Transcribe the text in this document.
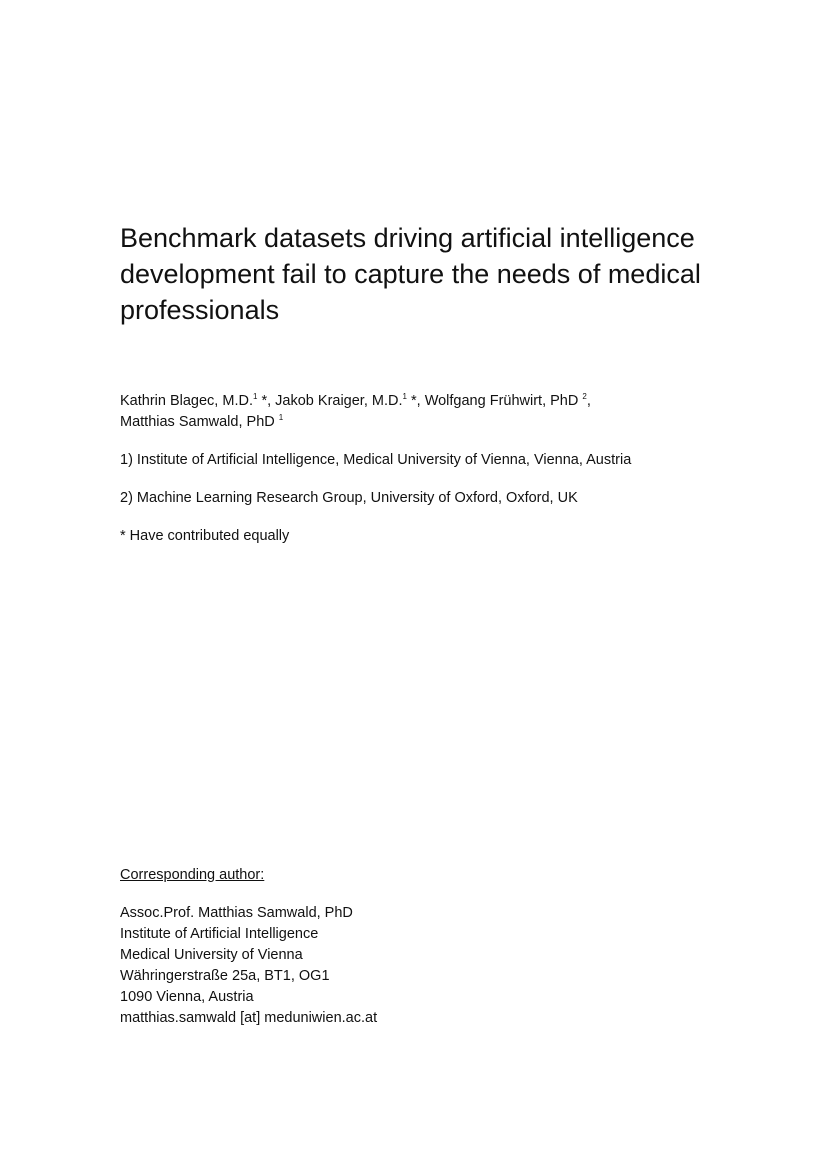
Benchmark datasets driving artificial intelligence
development fail to capture the needs of medical
professionals
Kathrin Blagec, M.D.$^1$ *, Jakob Kraiger, M.D.$^1$ *, Wolfgang Frühwirt, PhD $^2$,
Matthias Samwald, PhD $^1$

1) Institute of Artificial Intelligence, Medical University of Vienna, Vienna, Austria

2) Machine Learning Research Group, University of Oxford, Oxford, UK

* Have contributed equally

Corresponding author:

Assoc.Prof. Matthias Samwald, PhD
Institute of Artificial Intelligence
Medical University of Vienna
Währingerstraße 25a, BT1, OG1
1090 Vienna, Austria
matthias.samwald [at] meduniwien.ac.at
